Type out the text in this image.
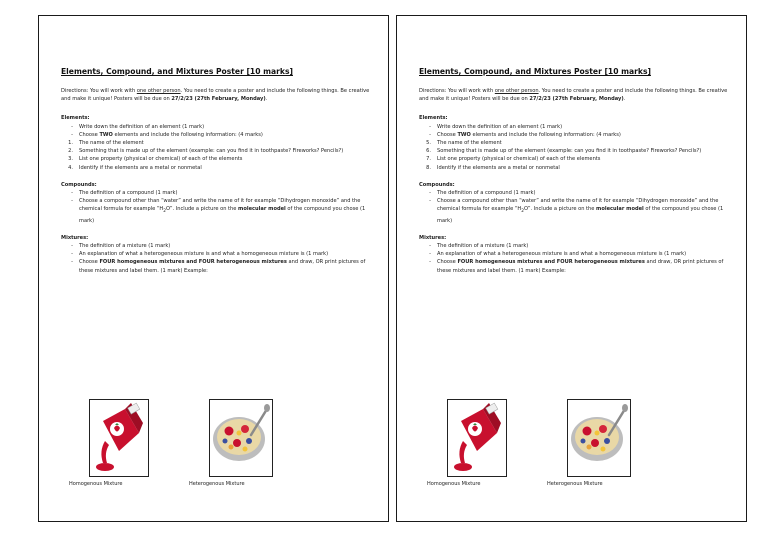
Elements, Compound, and Mixtures Poster [10 marks]
Directions: You will work with one other person. You need to create a poster and include the following things. Be creative and make it unique! Posters will be due on 27/2/23 (27th February, Monday).
Elements:
-	Write down the definition of an element (1 mark)
-	Choose TWO elements and include the following information: (4 marks)
1.	The name of the element
2.	Something that is made up of the element (example: can you find it in toothpaste? Fireworks? Pencils?)
3.	List one property (physical or chemical) of each of the elements
4.	Identify if the elements are a metal or nonmetal
Compounds:
-	The definition of a compound (1 mark)
-	Choose a compound other than “water” and write the name of it for example “Dihydrogen monoxide” and the chemical formula for example “$H_2O$”. Include a picture on the molecular model of the compound you chose (1 mark)
Mixtures:
-	The definition of a mixture (1 mark)
-	An explanation of what a heterogeneous mixture is and what a homogeneous mixture is (1 mark)
-	Choose FOUR homogeneous mixtures and FOUR heterogeneous mixtures and draw, OR print pictures of these mixtures and label them. (1 mark) Example:
Homogenous Mixture	Heterogenous Mixture
Elements, Compound, and Mixtures Poster [10 marks]
Directions: You will work with one other person. You need to create a poster and include the following things. Be creative and make it unique! Posters will be due on 27/2/23 (27th February, Monday).
Elements:
-	Write down the definition of an element (1 mark)
-	Choose TWO elements and include the following information: (4 marks)
5.	The name of the element
6.	Something that is made up of the element (example: can you find it in toothpaste? Fireworks? Pencils?)
7.	List one property (physical or chemical) of each of the elements
8.	Identify if the elements are a metal or nonmetal
Compounds:
-	The definition of a compound (1 mark)
-	Choose a compound other than “water” and write the name of it for example “Dihydrogen monoxide” and the chemical formula for example “$H_2O$”. Include a picture on the molecular model of the compound you chose (1 mark)
Mixtures:
-	The definition of a mixture (1 mark)
-	An explanation of what a heterogeneous mixture is and what a homogeneous mixture is (1 mark)
-	Choose FOUR homogeneous mixtures and FOUR heterogeneous mixtures and draw, OR print pictures of these mixtures and label them. (1 mark) Example:
Homogenous Mixture	Heterogenous Mixture
